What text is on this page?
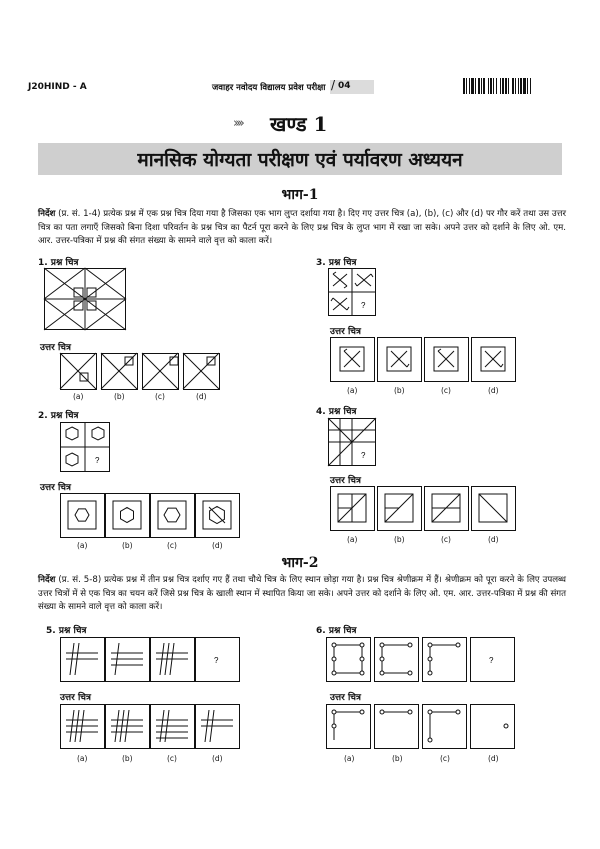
J20HIND - A	जवाहर नवोदय विद्यालय प्रवेश परीक्षा / 04
›››› खण्ड 1
मानसिक योग्यता परीक्षण एवं पर्यावरण अध्ययन
भाग-1
निर्देश (प्र. सं. 1-4) प्रत्येक प्रश्न में एक प्रश्न चित्र दिया गया है जिसका एक भाग लुप्त दर्शाया गया है। दिए गए उत्तर चित्र (a), (b), (c) और (d) पर गौर करें तथा उस उत्तर चित्र का पता लगाएँ जिसको बिना दिशा परिवर्तन के प्रश्न चित्र का पैटर्न पूरा करने के लिए प्रश्न चित्र के लुप्त भाग में रखा जा सके। अपने उत्तर को दर्शाने के लिए ओ. एम. आर. उत्तर-पत्रिका में प्रश्न की संगत संख्या के सामने वाले वृत्त को काला करें।
1. प्रश्न चित्र
उत्तर चित्र
(a)	(b)	(c)	(d)
2. प्रश्न चित्र
?
उत्तर चित्र
(a)	(b)	(c)	(d)
3. प्रश्न चित्र
?
उत्तर चित्र
(a)	(b)	(c)	(d)
4. प्रश्न चित्र
?
उत्तर चित्र
(a)	(b)	(c)	(d)
भाग-2
निर्देश (प्र. सं. 5-8) प्रत्येक प्रश्न में तीन प्रश्न चित्र दर्शाए गए हैं तथा चौथे चित्र के लिए स्थान छोड़ा गया है। प्रश्न चित्र श्रेणीक्रम में हैं। श्रेणीक्रम को पूरा करने के लिए उपलब्ध उत्तर चित्रों में से एक चित्र का चयन करें जिसे प्रश्न चित्र के खाली स्थान में स्थापित किया जा सके। अपने उत्तर को दर्शाने के लिए ओ. एम. आर. उत्तर-पत्रिका में प्रश्न की संगत संख्या के सामने वाले वृत्त को काला करें।
5. प्रश्न चित्र
?
उत्तर चित्र
(a)	(b)	(c)	(d)
6. प्रश्न चित्र
?
उत्तर चित्र
(a)	(b)	(c)	(d)
